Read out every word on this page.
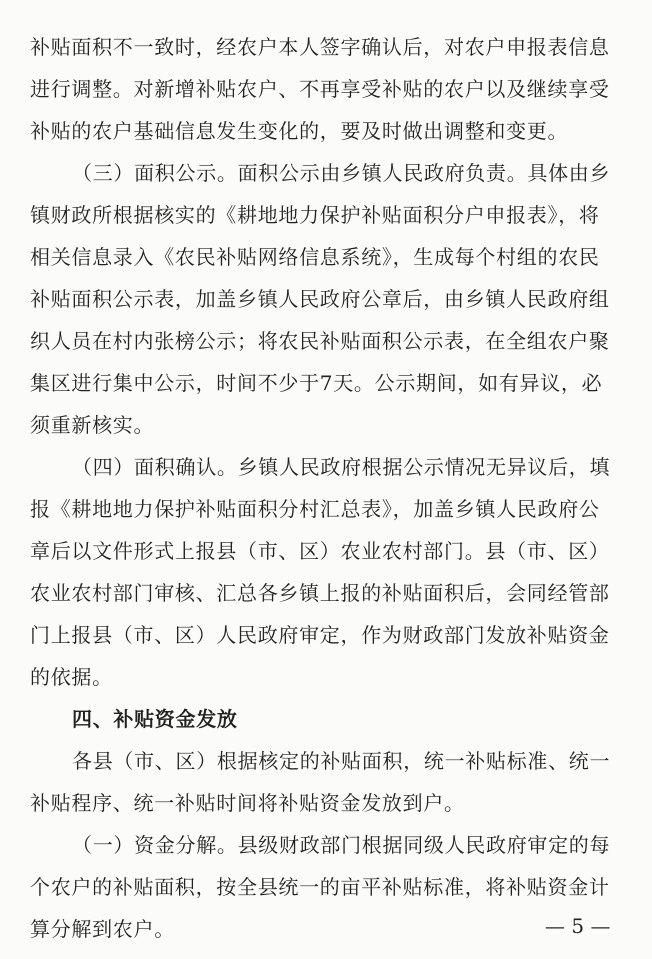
补贴面积不一致时，经农户本人签字确认后，对农户申报表信息
进行调整。对新增补贴农户、不再享受补贴的农户以及继续享受
补贴的农户基础信息发生变化的，要及时做出调整和变更。
（三）面积公示。面积公示由乡镇人民政府负责。具体由乡
镇财政所根据核实的《耕地地力保护补贴面积分户申报表》，将
相关信息录入《农民补贴网络信息系统》，生成每个村组的农民
补贴面积公示表，加盖乡镇人民政府公章后，由乡镇人民政府组
织人员在村内张榜公示；将农民补贴面积公示表，在全组农户聚
集区进行集中公示，时间不少于7天。公示期间，如有异议，必
须重新核实。
（四）面积确认。乡镇人民政府根据公示情况无异议后，填
报《耕地地力保护补贴面积分村汇总表》，加盖乡镇人民政府公
章后以文件形式上报县（市、区）农业农村部门。县（市、区）
农业农村部门审核、汇总各乡镇上报的补贴面积后，会同经管部
门上报县（市、区）人民政府审定，作为财政部门发放补贴资金
的依据。
四、补贴资金发放
各县（市、区）根据核定的补贴面积，统一补贴标准、统一
补贴程序、统一补贴时间将补贴资金发放到户。
（一）资金分解。县级财政部门根据同级人民政府审定的每
个农户的补贴面积，按全县统一的亩平补贴标准，将补贴资金计
算分解到农户。	— 5 —
